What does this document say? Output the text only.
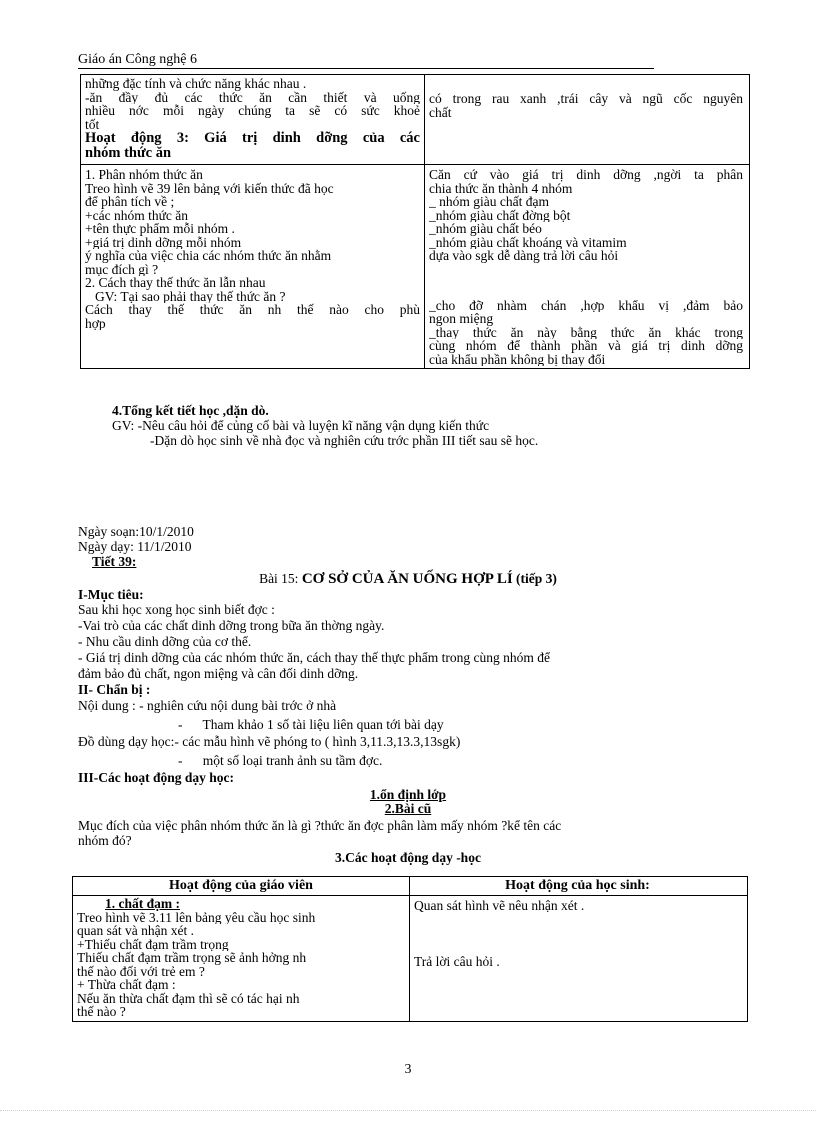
Giáo án Công nghệ 6
những đặc tính và chức năng khác nhau .
-ăn đầy đủ các thức ăn cần thiết và uống
nhiều nớc mỗi ngày chúng ta sẽ có sức khoẻ
tốt
Hoạt động 3: Giá trị dinh dỡng của các
nhóm thức ăn
có trong rau xanh ,trái cây và ngũ cốc nguyên
chất
1. Phân nhóm thức ăn
Treo hình vẽ 39 lên bảng với kiến thức đã học
để phân tích về ;
+các nhóm thức ăn
+tên thực phẩm mỗi nhóm .
+giá trị dinh dỡng mỗi nhóm
ý nghĩa của việc chia các nhóm thức ăn nhằm
mục đích gì ?
2. Cách thay thế thức ăn lẫn nhau
GV: Tại sao phải thay thế thức ăn ?
Cách thay thế thức ăn nh thế nào cho phù
hợp
Căn cứ vào giá trị dinh dỡng ,ngời ta phân
chia thức ăn thành 4 nhóm
_ nhóm giàu chất đạm
_nhóm giàu chất đờng bột
_nhóm giàu chất béo
_nhóm giàu chất khoáng và vitamim
dựa vào sgk dễ dàng trả lời câu hỏi

_cho đỡ nhàm chán ,hợp khẩu vị ,đảm bảo
ngon miệng
_thay thức ăn này bằng thức ăn khác trong
cùng nhóm để thành phần và giá trị dinh dỡng
của khẩu phần không bị thay đổi
4.Tổng kết tiết học ,dặn dò.
GV: -Nêu câu hỏi để củng cố bài và luyện kĩ năng vận dụng kiến thức
-Dặn dò học sinh về nhà đọc và nghiên cứu trớc phần III tiết sau sẽ học.
Ngày soạn:10/1/2010
Ngày dạy: 11/1/2010
Tiết 39:
Bài 15: CƠ SỞ CỦA ĂN UỐNG HỢP LÍ (tiếp 3)
I-Mục tiêu:
Sau khi học xong học sinh biết đợc :
-Vai trò của các chất dinh dỡng trong bữa ăn thờng ngày.
- Nhu cầu dinh dỡng của cơ thể.
- Giá trị dinh dỡng của các nhóm thức ăn, cách thay thế thực phẩm trong cùng nhóm để
đảm bảo đủ chất, ngon miệng và cân đối dinh dỡng.
II- Chẩn bị :
Nội dung : - nghiên cứu nội dung bài trớc ở nhà
-      Tham khảo 1 số tài liệu liên quan tới bài dạy
Đồ dùng dạy học:- các mẫu hình vẽ phóng to ( hình 3,11.3,13.3,13sgk)
-      một số loại tranh ảnh su tầm đợc.
III-Các hoạt động dạy học:
1.ổn định lớp
2.Bài cũ
Mục đích của việc phân nhóm thức ăn là gì ?thức ăn đợc phân làm mấy nhóm ?kể tên các
nhóm đó?
3.Các hoạt động dạy -học
Hoạt động của giáo viên	Hoạt động của học sinh:
1. chất đạm :
Treo hình vẽ 3.11 lên bảng yêu cầu học sinh
quan sát và nhận xét .
+Thiếu chất đạm trầm trọng
Thiếu chất đạm trầm trọng sẽ ảnh hởng nh
thế nào đối với trẻ em ?
+ Thừa chất đạm :
Nếu ăn thừa chất đạm thì sẽ có tác hại nh
thế nào ?
Quan sát hình vẽ nêu nhận xét .
Trả lời câu hỏi .
3
